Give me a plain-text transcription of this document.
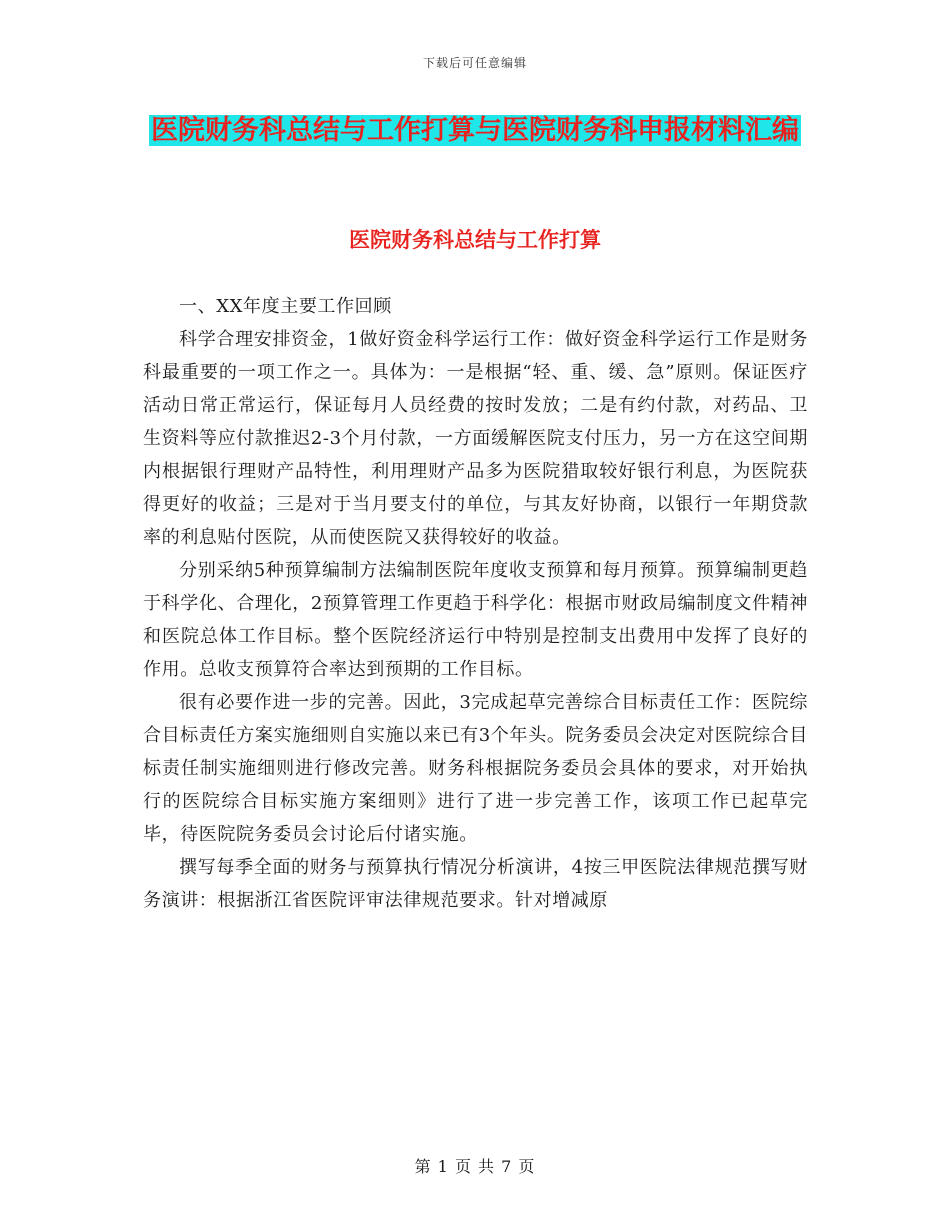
下载后可任意编辑
医院财务科总结与工作打算与医院财务科申报材料汇编
医院财务科总结与工作打算

一、XX年度主要工作回顾

科学合理安排资金，1做好资金科学运行工作：做好资金科学运行工作是财务科最重要的一项工作之一。具体为：一是根据“轻、重、缓、急”原则。保证医疗活动日常正常运行，保证每月人员经费的按时发放；二是有约付款，对药品、卫生资料等应付款推迟2-3个月付款，一方面缓解医院支付压力，另一方在这空间期内根据银行理财产品特性，利用理财产品多为医院猎取较好银行利息，为医院获得更好的收益；三是对于当月要支付的单位，与其友好协商，以银行一年期贷款率的利息贴付医院，从而使医院又获得较好的收益。

分别采纳5种预算编制方法编制医院年度收支预算和每月预算。预算编制更趋于科学化、合理化，2预算管理工作更趋于科学化：根据市财政局编制度文件精神和医院总体工作目标。整个医院经济运行中特别是控制支出费用中发挥了良好的作用。总收支预算符合率达到预期的工作目标。

很有必要作进一步的完善。因此，3完成起草完善综合目标责任工作：医院综合目标责任方案实施细则自实施以来已有3个年头。院务委员会决定对医院综合目标责任制实施细则进行修改完善。财务科根据院务委员会具体的要求，对开始执行的医院综合目标实施方案细则》进行了进一步完善工作，该项工作已起草完毕，待医院院务委员会讨论后付诸实施。

撰写每季全面的财务与预算执行情况分析演讲，4按三甲医院法律规范撰写财务演讲：根据浙江省医院评审法律规范要求。针对增减原

第 1 页 共 7 页
